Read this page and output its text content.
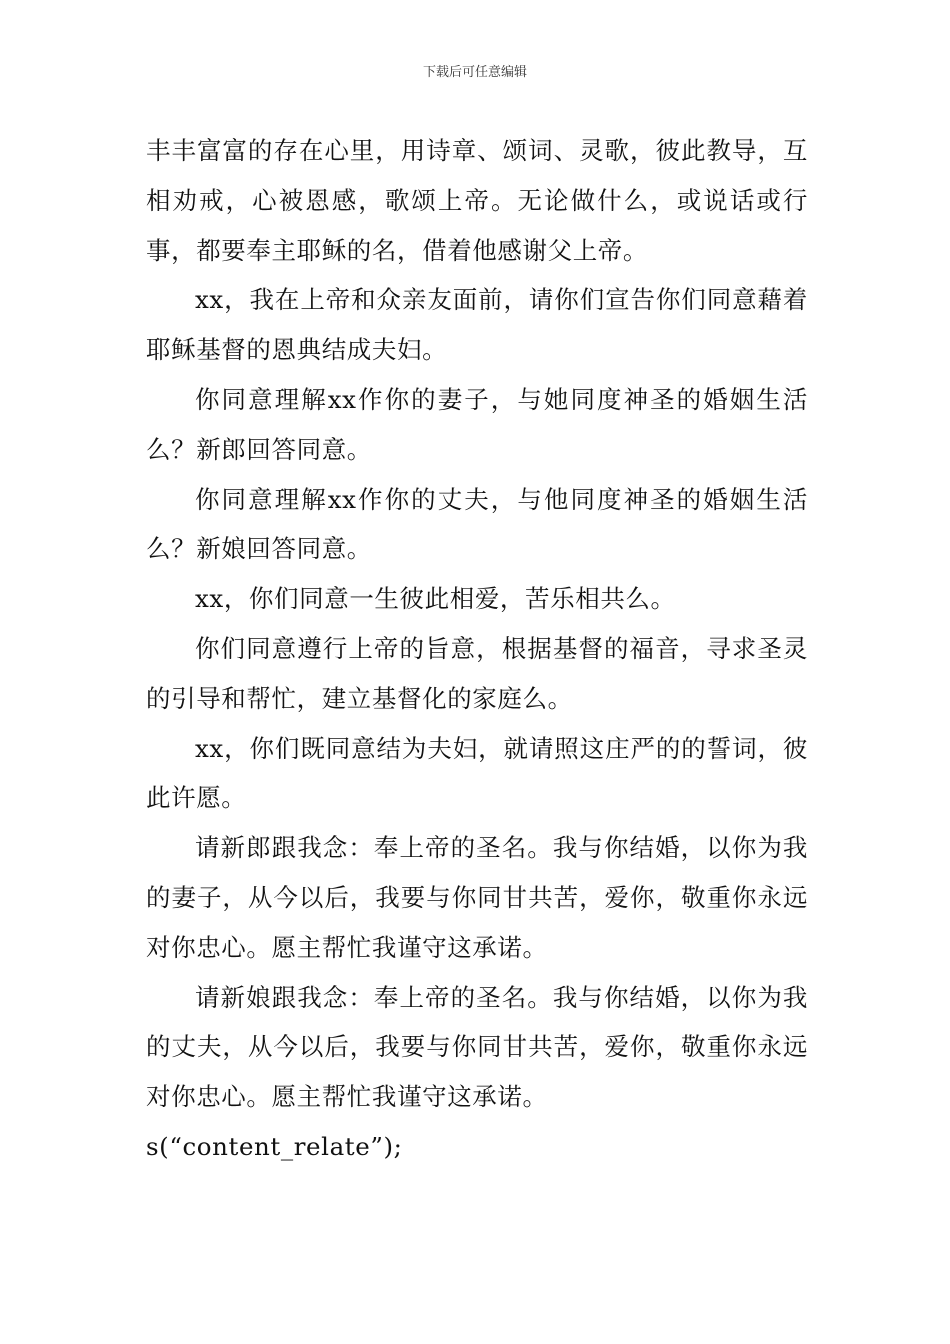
下载后可任意编辑

丰丰富富的存在心里，用诗章、颂词、灵歌，彼此教导，互相劝戒，心被恩感，歌颂上帝。无论做什么，或说话或行事，都要奉主耶稣的名，借着他感谢父上帝。

xx，我在上帝和众亲友面前，请你们宣告你们同意藉着耶稣基督的恩典结成夫妇。

你同意理解xx作你的妻子，与她同度神圣的婚姻生活么？新郎回答同意。

你同意理解xx作你的丈夫，与他同度神圣的婚姻生活么？新娘回答同意。

xx，你们同意一生彼此相爱，苦乐相共么。

你们同意遵行上帝的旨意，根据基督的福音，寻求圣灵的引导和帮忙，建立基督化的家庭么。

xx，你们既同意结为夫妇，就请照这庄严的的誓词，彼此许愿。

请新郎跟我念：奉上帝的圣名。我与你结婚，以你为我的妻子，从今以后，我要与你同甘共苦，爱你，敬重你永远对你忠心。愿主帮忙我谨守这承诺。

请新娘跟我念：奉上帝的圣名。我与你结婚，以你为我的丈夫，从今以后，我要与你同甘共苦，爱你，敬重你永远对你忠心。愿主帮忙我谨守这承诺。

s(“content_relate”);
